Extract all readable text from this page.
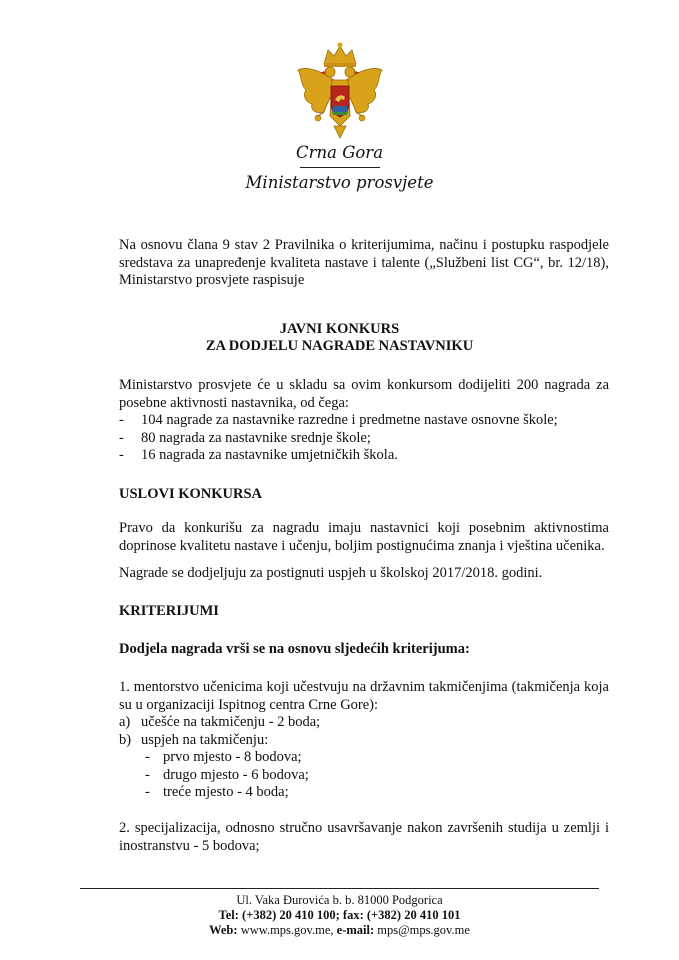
Crna Gora
Ministarstvo prosvjete

Na osnovu člana 9 stav 2 Pravilnika o kriterijumima, načinu i postupku raspodjele sredstava za unapređenje kvaliteta nastave i talente („Službeni list CG“, br. 12/18), Ministarstvo prosvjete raspisuje

JAVNI KONKURS
ZA DODJELU NAGRADE NASTAVNIKU

Ministarstvo prosvjete će u skladu sa ovim konkursom dodijeliti 200 nagrada za posebne aktivnosti nastavnika, od čega:

- 104 nagrade za nastavnike razredne i predmetne nastave osnovne škole;
- 80 nagrada za nastavnike srednje škole;
- 16 nagrada za nastavnike umjetničkih škola.
USLOVI KONKURSA

Pravo da konkurišu za nagradu imaju nastavnici koji posebnim aktivnostima doprinose kvalitetu nastave i učenju, boljim postignućima znanja i vještina učenika.

Nagrade se dodjeljuju za postignuti uspjeh u školskoj 2017/2018. godini.

KRITERIJUMI
Dodjela nagrada vrši se na osnovu sljedećih kriterijuma:

1. mentorstvo učenicima koji učestvuju na državnim takmičenjima (takmičenja koja su u organizaciji Ispitnog centra Crne Gore):

a) učešće na takmičenju - 2 boda;
b) uspjeh na takmičenju:
- prvo mjesto - 8 bodova;
- drugo mjesto - 6 bodova;
- treće mjesto - 4 boda;

2. specijalizacija, odnosno stručno usavršavanje nakon završenih studija u zemlji i inostranstvu - 5 bodova;

Ul. Vaka Đurovića b. b. 81000 Podgorica
Tel: (+382) 20 410 100; fax: (+382) 20 410 101
Web: www.mps.gov.me, e-mail: mps@mps.gov.me
